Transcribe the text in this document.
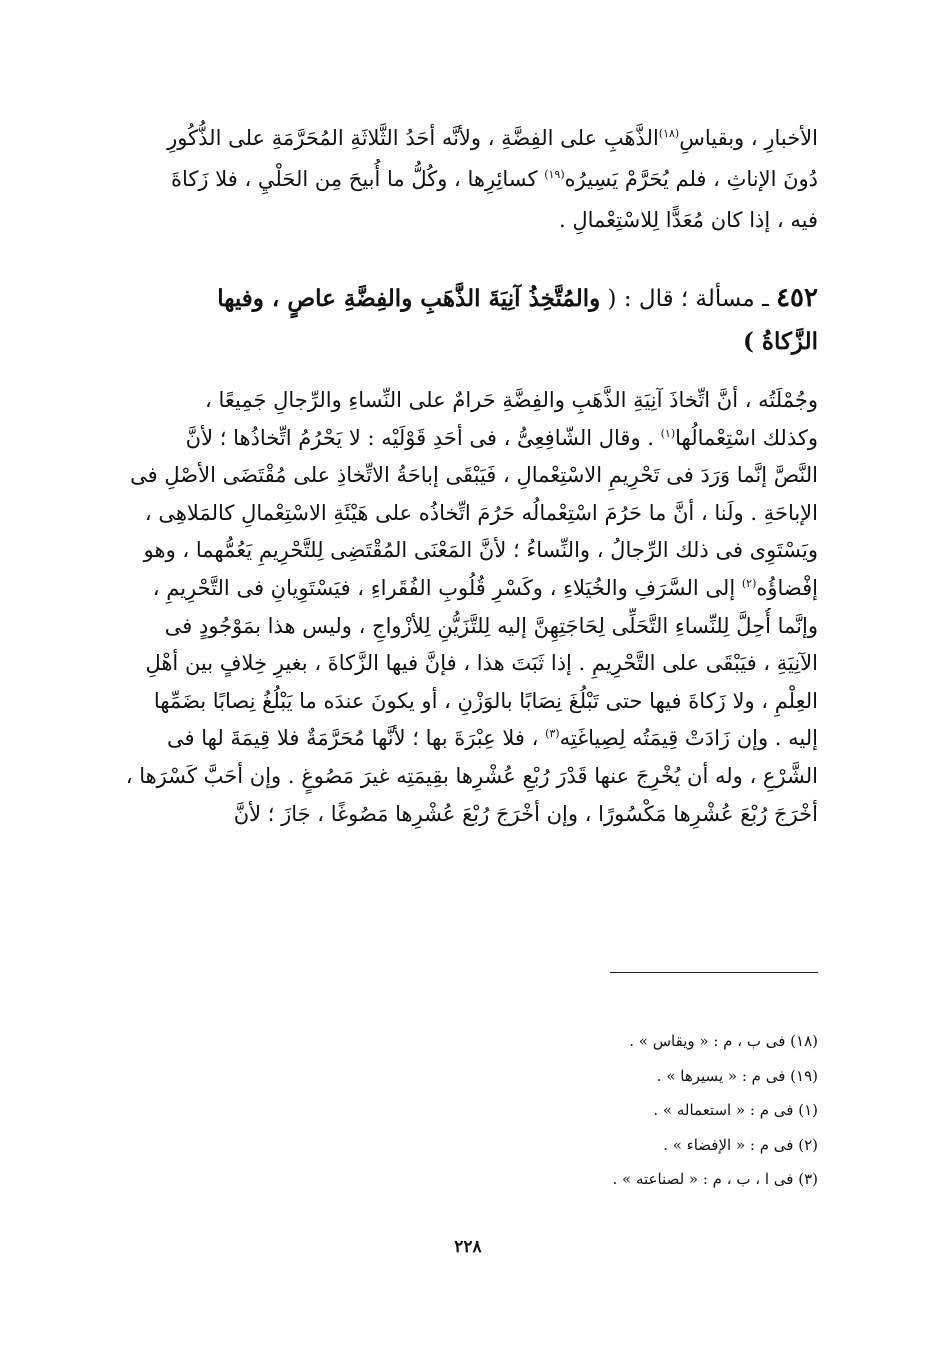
الأخبارِ ، وبقياسِ$^{(١٨)}$الذَّهَبِ على الفِضَّةِ ، ولأنَّه أحَدُ الثَّلاثَةِ المُحَرَّمَةِ على الذُّكُورِ
دُونَ الإناثِ ، فلم يُحَرَّمْ يَسِيرُه$^{(١٩)}$ كسائِرِها ، وكُلُّ ما أُبيحَ مِن الحَلْيِ ، فلا زَكاةَ
فيه ، إذا كان مُعَدًّا لِلاسْتِعْمالِ .
٤٥٢ ـ مسألة ؛ قال : ( والمُتَّخِذُ آنِيَةَ الذَّهَبِ والفِضَّةِ عاصٍ ، وفيها
الزَّكاةُ )
وجُمْلَتُه ، أنَّ اتِّخاذَ آنِيَةِ الذَّهَبِ والفِضَّةِ حَرامٌ على النِّساءِ والرِّجالِ جَمِيعًا ،
وكذلك اسْتِعْمالُها$^{(١)}$ . وقال الشّافِعِىُّ ، فى أحَدِ قَوْلَيْه : لا يَحْرُمُ اتِّخاذُها ؛ لأنَّ
النَّصَّ إنَّما وَرَدَ فى تَحْرِيمِ الاسْتِعْمالِ ، فَيَبْقَى إباحَةُ الاتِّخاذِ على مُقْتَضَى الأصْلِ فى
الإباحَةِ . ولَنا ، أنَّ ما حَرُمَ اسْتِعْمالُه حَرُمَ اتِّخاذُه على هَيْئَةِ الاسْتِعْمالِ كالمَلاهِى ،
ويَسْتَوِى فى ذلك الرِّجالُ ، والنِّساءُ ؛ لأنَّ المَعْنَى المُقْتَضِى لِلتَّحْرِيمِ يَعُمُّهما ، وهو
إفْضاؤُه$^{(٢)}$ إلى السَّرَفِ والخُيَلاءِ ، وكَسْرِ قُلُوبِ الفُقَراءِ ، فيَسْتَوِيانِ فى التَّحْرِيمِ ،
وإنَّما أُحِلَّ لِلنِّساءِ التَّحَلِّى لِحَاجَتِهِنَّ إليه لِلتَّزَيُّنِ لِلأزْواجِ ، وليس هذا بمَوْجُودٍ فى
الآنِيَةِ ، فيَبْقَى على التَّحْرِيمِ . إذا ثَبَتَ هذا ، فإنَّ فيها الزَّكاةَ ، بغيرِ خِلافٍ بين أهْلِ
العِلْمِ ، ولا زَكاةَ فيها حتى تَبْلُغَ نِصَابًا بالوَزْنِ ، أو يكونَ عندَه ما يَبْلُغُ نِصابًا بضَمِّها
إليه . وإن زَادَتْ قِيمَتُه لِصِياغَتِه$^{(٣)}$ ، فلا عِبْرَةَ بها ؛ لأنَّها مُحَرَّمَةٌ فلا قِيمَةَ لها فى
الشَّرْعِ ، وله أن يُخْرِجَ عنها قَدْرَ رُبْعِ عُشْرِها بقِيمَتِه غيرَ مَصُوغٍ . وإن أحَبَّ كَسْرَها ،
أخْرَجَ رُبْعَ عُشْرِها مَكْسُورًا ، وإن أخْرَجَ رُبْعَ عُشْرِها مَصُوغًا ، جَازَ ؛ لأنَّ
(١٨) فى ب ، م : « ويقاس » .
(١٩) فى م : « يسيرها » .
(١) فى م : « استعماله » .
(٢) فى م : « الإفضاء » .
(٣) فى ا ، ب ، م : « لصناعته » .
٢٢٨
